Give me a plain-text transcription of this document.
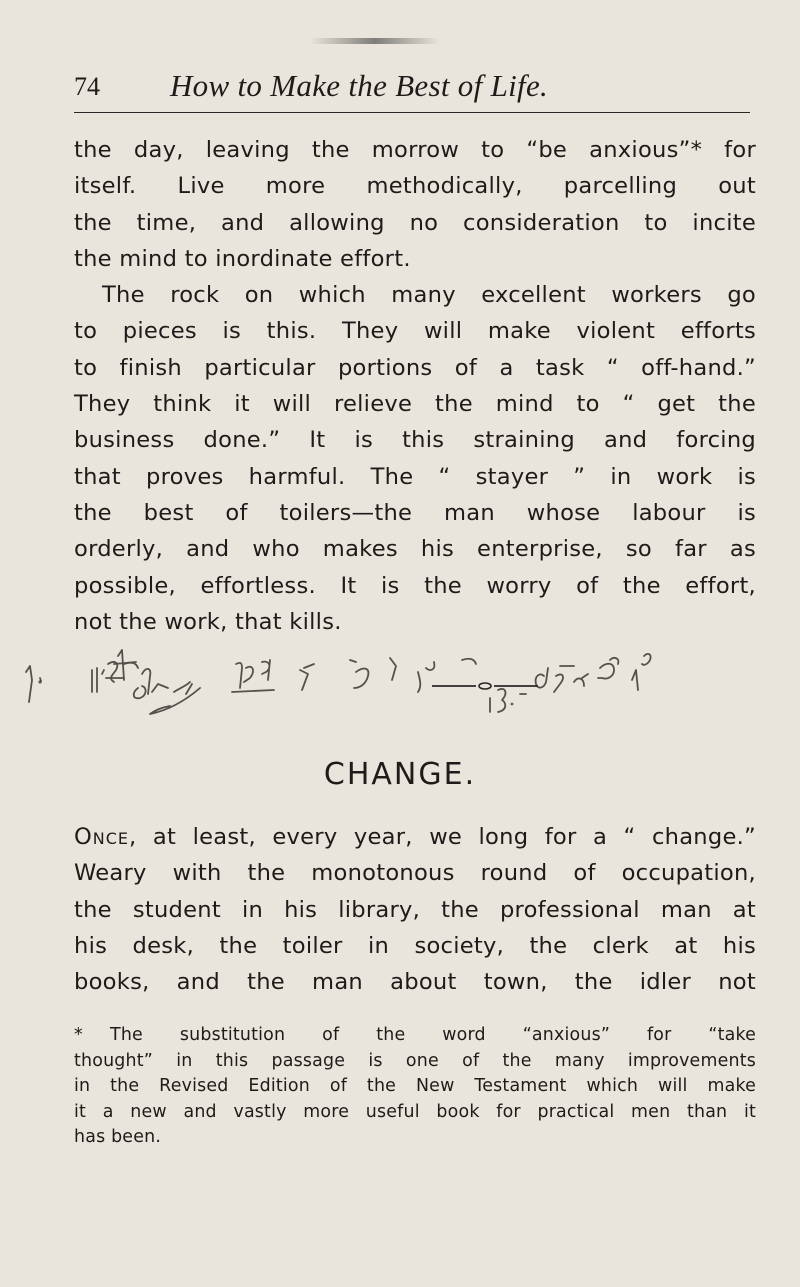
74 How to Make the Best of Life.

the day, leaving the morrow to “be anxious”* for

itself. Live more methodically, parcelling out

the time, and allowing no consideration to incite

the mind to inordinate effort.

The rock on which many excellent workers go

to pieces is this. They will make violent efforts

to finish particular portions of a task “ off-hand.”

They think it will relieve the mind to “ get the

business done.” It is this straining and forcing

that proves harmful. The “ stayer ” in work is

the best of toilers—the man whose labour is

orderly, and who makes his enterprise, so far as

possible, effortless. It is the worry of the effort,

not the work, that kills.

CHANGE.

Once, at least, every year, we long for a “ change.”

Weary with the monotonous round of occupation,

the student in his library, the professional man at

his desk, the toiler in society, the clerk at his

books, and the man about town, the idler not

* The substitution of the word “anxious” for “take

thought” in this passage is one of the many improvements

in the Revised Edition of the New Testament which will make

it a new and vastly more useful book for practical men than it

has been.
